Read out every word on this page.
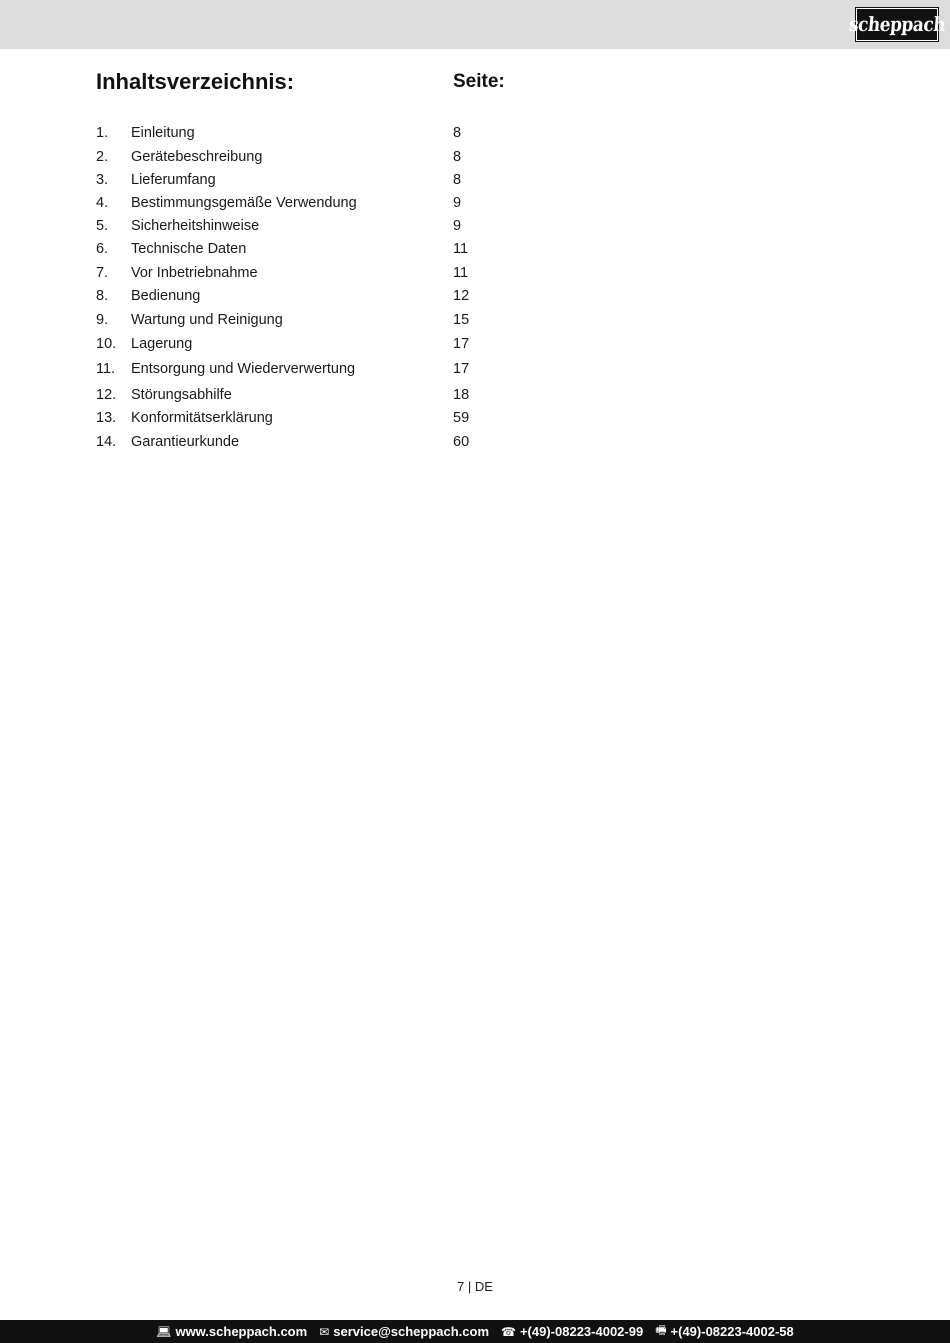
scheppach
Inhaltsverzeichnis:	Seite:
1. Einleitung	8
2. Gerätebeschreibung	8
3. Lieferumfang	8
4. Bestimmungsgemäße Verwendung	9
5. Sicherheitshinweise	9
6. Technische Daten	11
7. Vor Inbetriebnahme	11
8. Bedienung	12
9. Wartung und Reinigung	15
10. Lagerung	17
11. Entsorgung und Wiederverwertung	17
12. Störungsabhilfe	18
13. Konformitätserklärung	59
14. Garantieurkunde	60
7 | DE
💻︎ www.scheppach.com ✉︎ service@scheppach.com ☎︎ +(49)-08223-4002-99 🖷︎ +(49)-08223-4002-58
